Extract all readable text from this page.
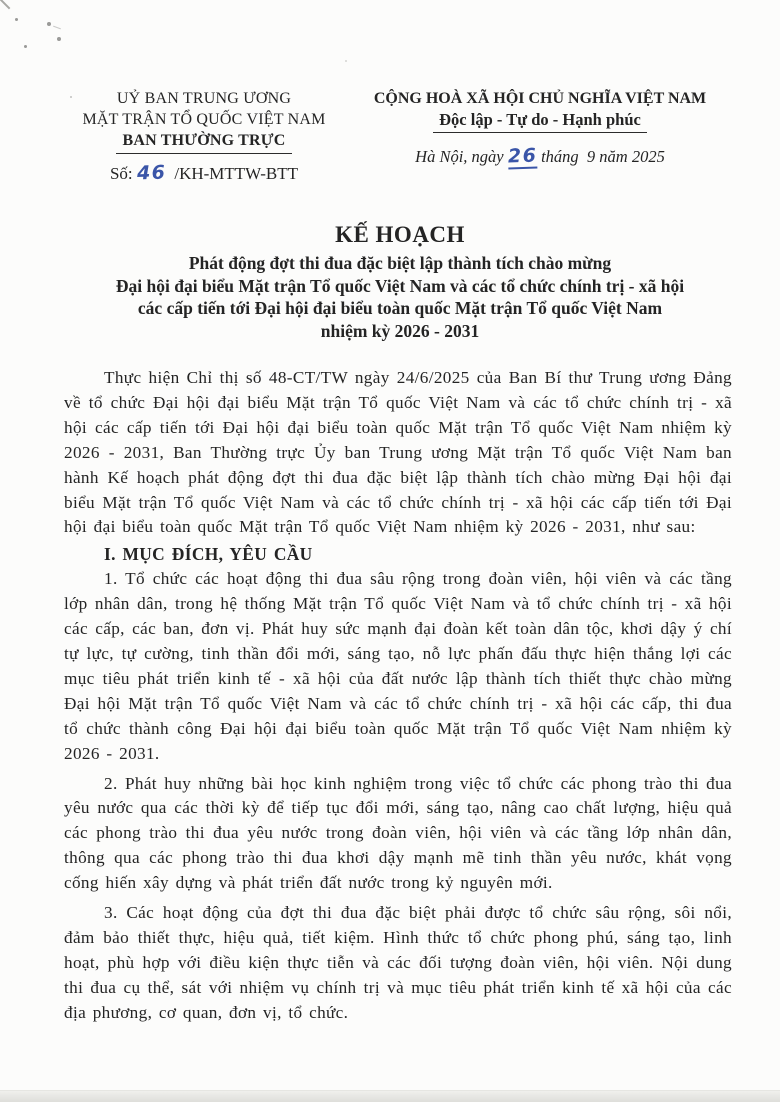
UỶ BAN TRUNG ƯƠNG
MẶT TRẬN TỔ QUỐC VIỆT NAM
BAN THƯỜNG TRỰC
Số: 46 /KH-MTTW-BTT
CỘNG HOÀ XÃ HỘI CHỦ NGHĨA VIỆT NAM
Độc lập - Tự do - Hạnh phúc
Hà Nội, ngày 26 tháng  9 năm 2025
KẾ HOẠCH
Phát động đợt thi đua đặc biệt lập thành tích chào mừng
Đại hội đại biểu Mặt trận Tổ quốc Việt Nam và các tổ chức chính trị - xã hội
các cấp tiến tới Đại hội đại biểu toàn quốc Mặt trận Tổ quốc Việt Nam
nhiệm kỳ 2026 - 2031

Thực hiện Chỉ thị số 48-CT/TW ngày 24/6/2025 của Ban Bí thư Trung ương Đảng về tổ chức Đại hội đại biểu Mặt trận Tổ quốc Việt Nam và các tổ chức chính trị - xã hội các cấp tiến tới Đại hội đại biểu toàn quốc Mặt trận Tổ quốc Việt Nam nhiệm kỳ 2026 - 2031, Ban Thường trực Ủy ban Trung ương Mặt trận Tổ quốc Việt Nam ban hành Kế hoạch phát động đợt thi đua đặc biệt lập thành tích chào mừng Đại hội đại biểu Mặt trận Tổ quốc Việt Nam và các tổ chức chính trị - xã hội các cấp tiến tới Đại hội đại biểu toàn quốc Mặt trận Tổ quốc Việt Nam nhiệm kỳ 2026 - 2031, như sau:

I. MỤC ĐÍCH, YÊU CẦU

1. Tổ chức các hoạt động thi đua sâu rộng trong đoàn viên, hội viên và các tầng lớp nhân dân, trong hệ thống Mặt trận Tổ quốc Việt Nam và tổ chức chính trị - xã hội các cấp, các ban, đơn vị. Phát huy sức mạnh đại đoàn kết toàn dân tộc, khơi dậy ý chí tự lực, tự cường, tinh thần đổi mới, sáng tạo, nỗ lực phấn đấu thực hiện thắng lợi các mục tiêu phát triển kinh tế - xã hội của đất nước lập thành tích thiết thực chào mừng Đại hội Mặt trận Tổ quốc Việt Nam và các tổ chức chính trị - xã hội các cấp, thi đua tổ chức thành công Đại hội đại biểu toàn quốc Mặt trận Tổ quốc Việt Nam nhiệm kỳ 2026 - 2031.

2. Phát huy những bài học kinh nghiệm trong việc tổ chức các phong trào thi đua yêu nước qua các thời kỳ để tiếp tục đổi mới, sáng tạo, nâng cao chất lượng, hiệu quả các phong trào thi đua yêu nước trong đoàn viên, hội viên và các tầng lớp nhân dân, thông qua các phong trào thi đua khơi dậy mạnh mẽ tinh thần yêu nước, khát vọng cống hiến xây dựng và phát triển đất nước trong kỷ nguyên mới.

3. Các hoạt động của đợt thi đua đặc biệt phải được tổ chức sâu rộng, sôi nổi, đảm bảo thiết thực, hiệu quả, tiết kiệm. Hình thức tổ chức phong phú, sáng tạo, linh hoạt, phù hợp với điều kiện thực tiễn và các đối tượng đoàn viên, hội viên. Nội dung thi đua cụ thể, sát với nhiệm vụ chính trị và mục tiêu phát triển kinh tế xã hội của các địa phương, cơ quan, đơn vị, tổ chức.
